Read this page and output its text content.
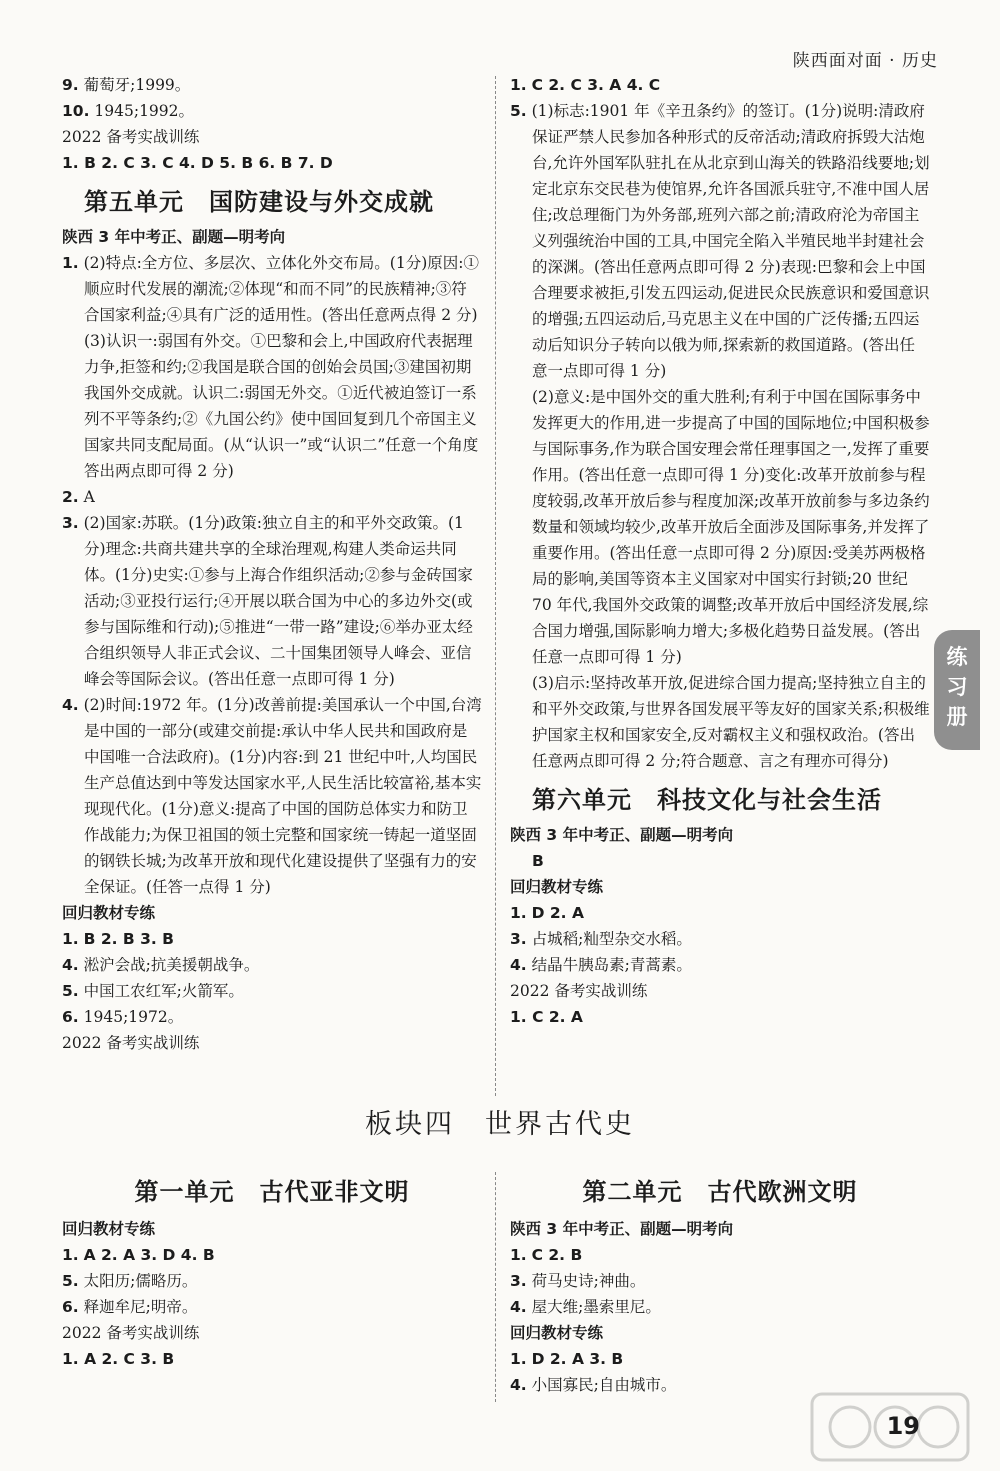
陕西面对面 · 历史

9. 葡萄牙;1999。

10. 1945;1992。

2022 备考实战训练

1. B 2. C 3. C 4. D 5. B 6. B 7. D

第五单元　国防建设与外交成就

陕西 3 年中考正、副题—明考向

1. (2)特点:全方位、多层次、立体化外交布局。(1分)原因:①顺应时代发展的潮流;②体现“和而不同”的民族精神;③符合国家利益;④具有广泛的适用性。(答出任意两点得 2 分)

(3)认识一:弱国有外交。①巴黎和会上,中国政府代表据理力争,拒签和约;②我国是联合国的创始会员国;③建国初期我国外交成就。认识二:弱国无外交。①近代被迫签订一系列不平等条约;②《九国公约》使中国回复到几个帝国主义国家共同支配局面。(从“认识一”或“认识二”任意一个角度答出两点即可得 2 分)

2. A

3. (2)国家:苏联。(1分)政策:独立自主的和平外交政策。(1分)理念:共商共建共享的全球治理观,构建人类命运共同体。(1分)史实:①参与上海合作组织活动;②参与金砖国家活动;③亚投行运行;④开展以联合国为中心的多边外交(或参与国际维和行动);⑤推进“一带一路”建设;⑥举办亚太经合组织领导人非正式会议、二十国集团领导人峰会、亚信峰会等国际会议。(答出任意一点即可得 1 分)

4. (2)时间:1972 年。(1分)改善前提:美国承认一个中国,台湾是中国的一部分(或建交前提:承认中华人民共和国政府是中国唯一合法政府)。(1分)内容:到 21 世纪中叶,人均国民生产总值达到中等发达国家水平,人民生活比较富裕,基本实现现代化。(1分)意义:提高了中国的国防总体实力和防卫作战能力;为保卫祖国的领土完整和国家统一铸起一道坚固的钢铁长城;为改革开放和现代化建设提供了坚强有力的安全保证。(任答一点得 1 分)

回归教材专练

1. B 2. B 3. B

4. 淞沪会战;抗美援朝战争。

5. 中国工农红军;火箭军。

6. 1945;1972。

2022 备考实战训练

1. C 2. C 3. A 4. C

5. (1)标志:1901 年《辛丑条约》的签订。(1分)说明:清政府保证严禁人民参加各种形式的反帝活动;清政府拆毁大沽炮台,允许外国军队驻扎在从北京到山海关的铁路沿线要地;划定北京东交民巷为使馆界,允许各国派兵驻守,不准中国人居住;改总理衙门为外务部,班列六部之前;清政府沦为帝国主义列强统治中国的工具,中国完全陷入半殖民地半封建社会的深渊。(答出任意两点即可得 2 分)表现:巴黎和会上中国合理要求被拒,引发五四运动,促进民众民族意识和爱国意识的增强;五四运动后,马克思主义在中国的广泛传播;五四运动后知识分子转向以俄为师,探索新的救国道路。(答出任意一点即可得 1 分)

(2)意义:是中国外交的重大胜利;有利于中国在国际事务中发挥更大的作用,进一步提高了中国的国际地位;中国积极参与国际事务,作为联合国安理会常任理事国之一,发挥了重要作用。(答出任意一点即可得 1 分)变化:改革开放前参与程度较弱,改革开放后参与程度加深;改革开放前参与多边条约数量和领域均较少,改革开放后全面涉及国际事务,并发挥了重要作用。(答出任意一点即可得 2 分)原因:受美苏两极格局的影响,美国等资本主义国家对中国实行封锁;20 世纪 70 年代,我国外交政策的调整;改革开放后中国经济发展,综合国力增强,国际影响力增大;多极化趋势日益发展。(答出任意一点即可得 1 分)

(3)启示:坚持改革开放,促进综合国力提高;坚持独立自主的和平外交政策,与世界各国发展平等友好的国家关系;积极维护国家主权和国家安全,反对霸权主义和强权政治。(答出任意两点即可得 2 分;符合题意、言之有理亦可得分)

第六单元　科技文化与社会生活

陕西 3 年中考正、副题—明考向

B

回归教材专练

1. D 2. A

3. 占城稻;籼型杂交水稻。

4. 结晶牛胰岛素;青蒿素。

2022 备考实战训练

1. C 2. A

板块四　世界古代史
第一单元　古代亚非文明

回归教材专练

1. A 2. A 3. D 4. B

5. 太阳历;儒略历。

6. 释迦牟尼;明帝。

2022 备考实战训练

1. A 2. C 3. B

第二单元　古代欧洲文明

陕西 3 年中考正、副题—明考向

1. C 2. B

3. 荷马史诗;神曲。

4. 屋大维;墨索里尼。

回归教材专练

1. D 2. A 3. B

4. 小国寡民;自由城市。

练习册
19
